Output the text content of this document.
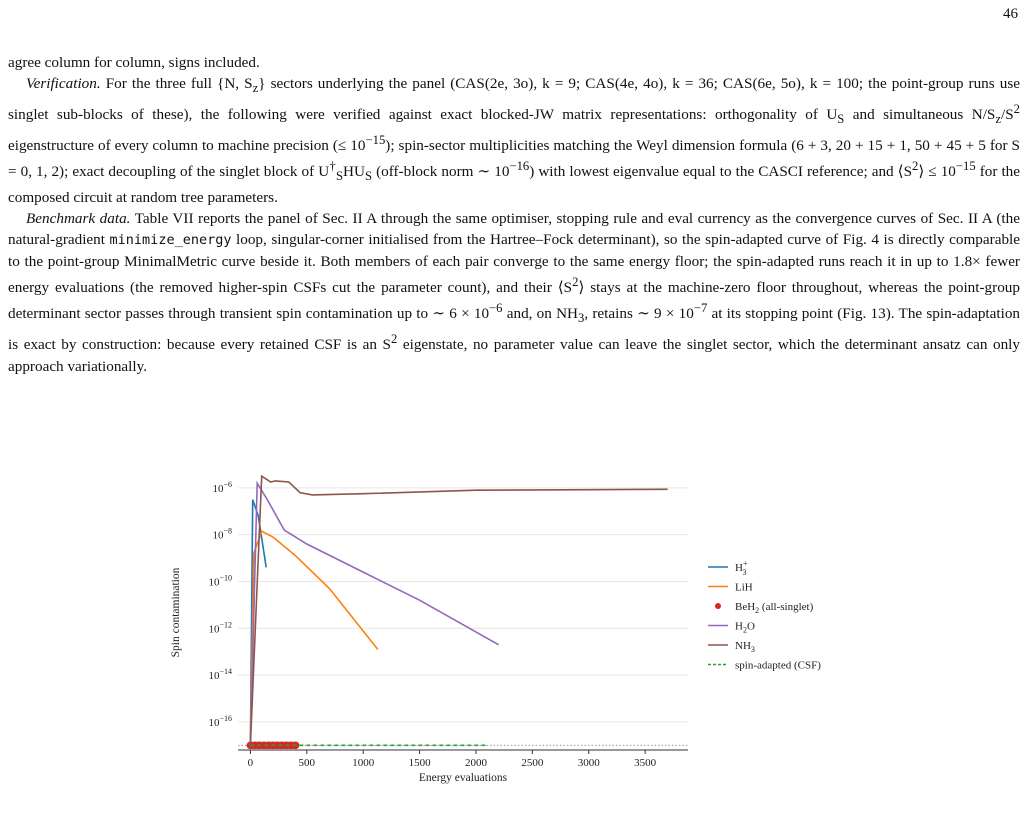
46

agree column for column, signs included.

Verification. For the three full {N, $S_z$} sectors underlying the panel (CAS(2e, 3o), k = 9; CAS(4e, 4o), k = 36; CAS(6e, 5o), k = 100; the point-group runs use singlet sub-blocks of these), the following were verified against exact blocked-JW matrix representations: orthogonality of $U_S$ and simultaneous $N/S_z/S^2$ eigenstructure of every column to machine precision (≤ $10^{-15}$); spin-sector multiplicities matching the Weyl dimension formula (6 + 3, 20 + 15 + 1, 50 + 45 + 5 for S = 0, 1, 2); exact decoupling of the singlet block of $U^\dagger_SHU_S$ (off-block norm ∼ $10^{-16}$) with lowest eigenvalue equal to the CASCI reference; and $⟨S^2⟩ \le 10^{-15}$ for the composed circuit at random tree parameters.

Benchmark data. Table VII reports the panel of Sec. II A through the same optimiser, stopping rule and eval currency as the convergence curves of Sec. II A (the natural-gradient minimize_energy loop, singular-corner initialised from the Hartree–Fock determinant), so the spin-adapted curve of Fig. 4 is directly comparable to the point-group MinimalMetric curve beside it. Both members of each pair converge to the same energy floor; the spin-adapted runs reach it in up to 1.8× fewer energy evaluations (the removed higher-spin CSFs cut the parameter count), and their $⟨S^2⟩$ stays at the machine-zero floor throughout, whereas the point-group determinant sector passes through transient spin contamination up to ∼ $6 \times 10^{-6}$ and, on $NH_3$, retains ∼ $9 \times 10^{-7}$ at its stopping point (Fig. 13). The spin-adaptation is exact by construction: because every retained CSF is an $S^2$ eigenstate, no parameter value can leave the singlet sector, which the determinant ansatz can only approach variationally.

$10^{-6}$
$10^{-8}$
$10^{-10}$
$10^{-12}$
$10^{-14}$
$10^{-16}$
0	500	1000	1500	2000	2500	3000	3500
Energy evaluations
Spin contamination	H+ 3
LiH
BeH$_2$ (all-singlet)
$H_2O$
$NH_3$
spin-adapted (CSF)
